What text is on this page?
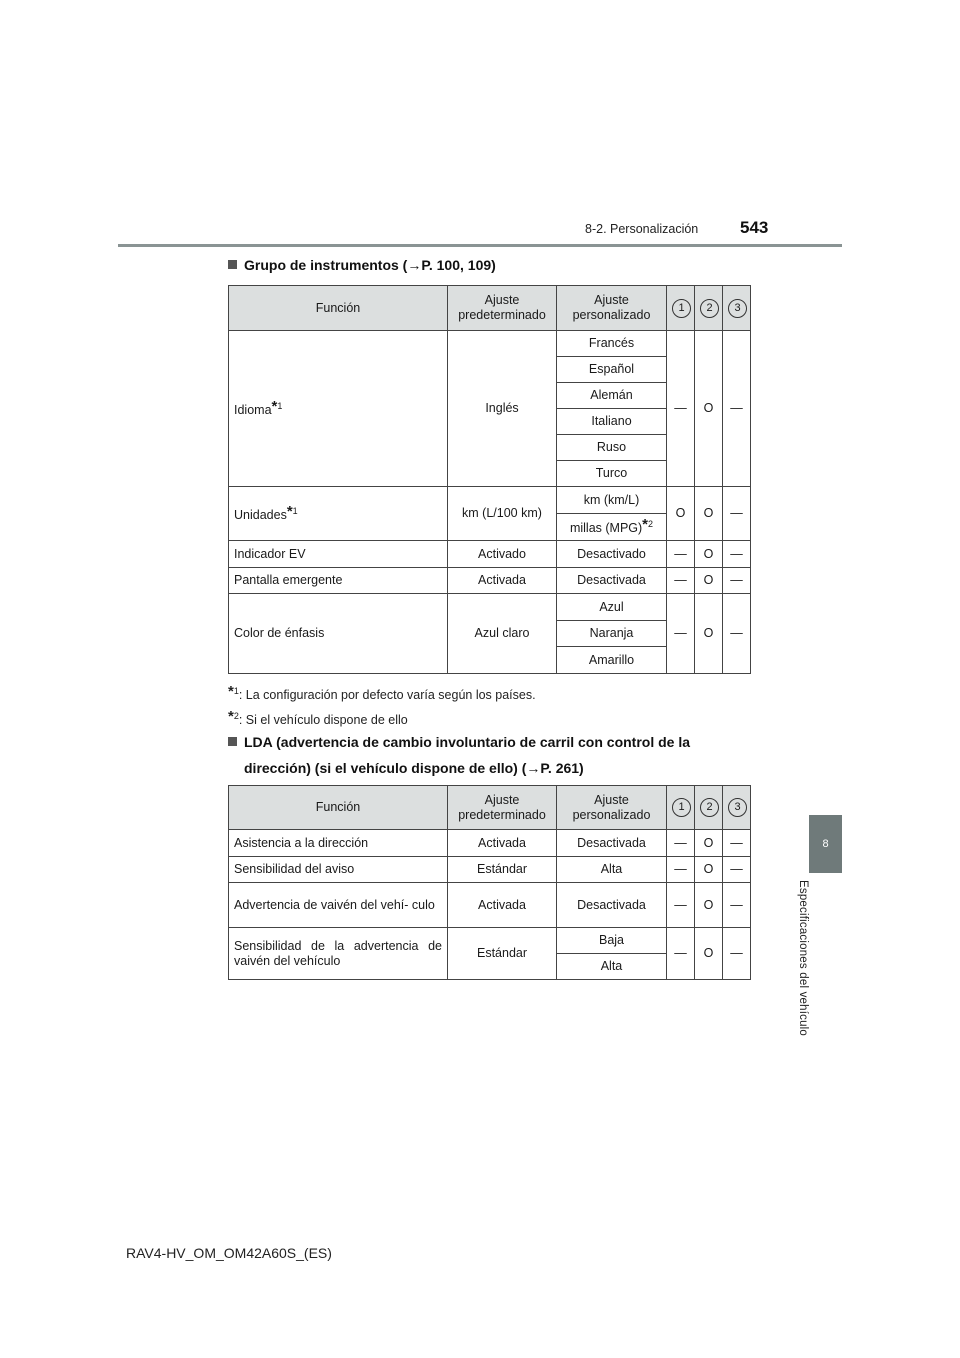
8-2. Personalización 543
8
Especificaciones del vehículo
Grupo de instrumentos (→P. 100, 109)
Función	Ajuste predeterminado	Ajuste personalizado	1	2	3
Idioma*$^1$	Inglés	Francés	—	O	—
		Español			
		Alemán			
		Italiano			
		Ruso			
		Turco			
Unidades*$^1$	km (L/100 km)	km (km/L)	O	O	—
		millas (MPG)*$^2$
Indicador EV	Activado	Desactivado	—	O	—
Pantalla emergente	Activada	Desactivada	—	O	—
Color de énfasis	Azul claro	Azul	—	O	—
		Naranja			
		Amarillo			
*$^1$: La configuración por defecto varía según los países.
*$^2$: Si el vehículo dispone de ello
LDA (advertencia de cambio involuntario de carril con control de la
dirección) (si el vehículo dispone de ello) (→P. 261)
Función	Ajuste predeterminado	Ajuste personalizado	1	2	3
Asistencia a la dirección	Activada	Desactivada	—	O	—
Sensibilidad del aviso	Estándar	Alta	—	O	—
Advertencia de vaivén del vehí- culo	Activada	Desactivada	—	O	—
Sensibilidad de la advertencia de vaivén del vehículo	Estándar	Baja	—	O	—
		Alta			
RAV4-HV_OM_OM42A60S_(ES)
